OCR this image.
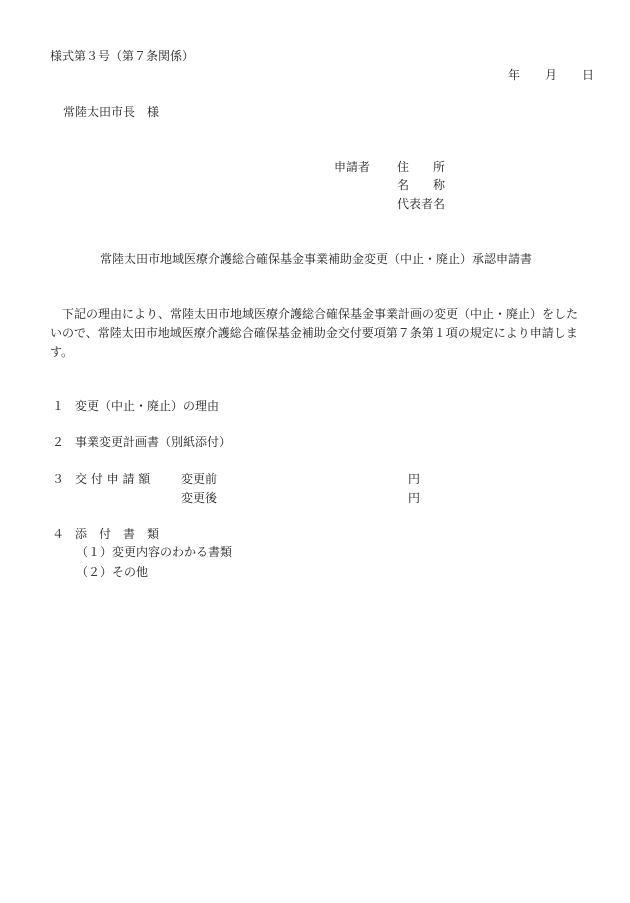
様式第３号（第７条関係）
年 月 日
常陸太田市長　様
申請者 住　　所
名　　称
代表者名
常陸太田市地域医療介護総合確保基金事業補助金変更（中止・廃止）承認申請書
下記の理由により、常陸太田市地域医療介護総合確保基金事業計画の変更（中止・廃止）をした
いので、常陸太田市地域医療介護総合確保基金補助金交付要項第７条第１項の規定により申請しま
す。
１ 変更（中止・廃止）の理由
２ 事業変更計画書（別紙添付）
３ 交 付 申 請 額	変更前	円
変更後	円
４ 添　付　書　類
（１）変更内容のわかる書類
（２）その他
